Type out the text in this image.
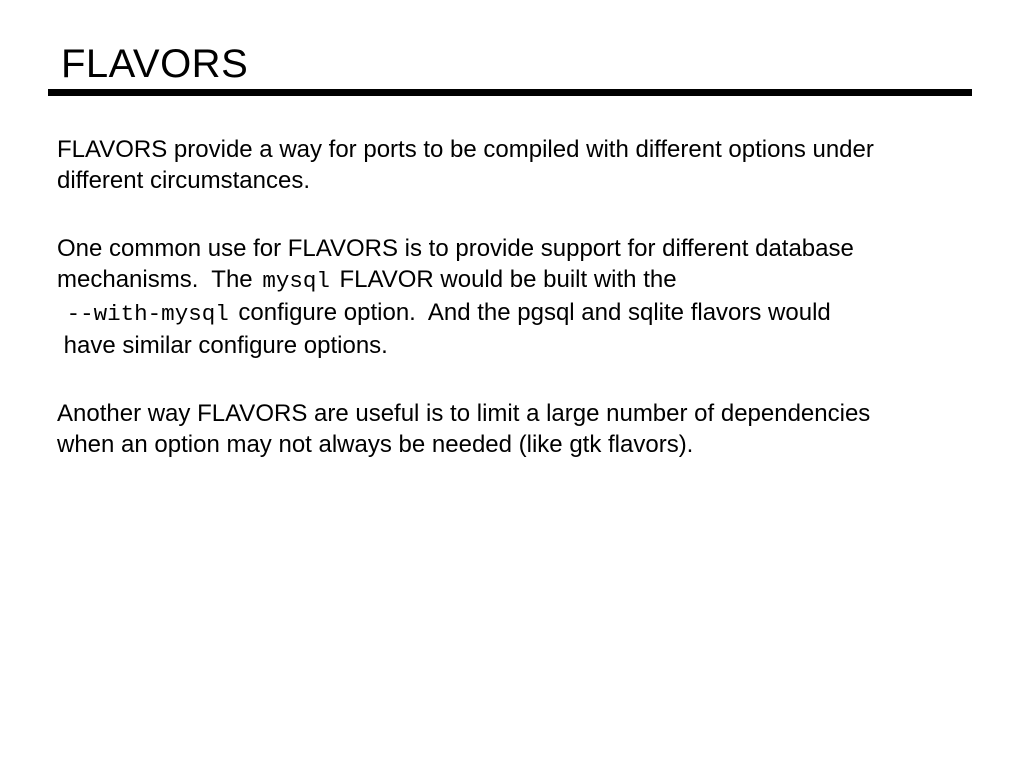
FLAVORS
FLAVORS provide a way for ports to be compiled with different options under
different circumstances.
One common use for FLAVORS is to provide support for different database
mechanisms.  The mysql FLAVOR would be built with the
--with-mysql configure option.  And the pgsql and sqlite flavors would
have similar configure options.
Another way FLAVORS are useful is to limit a large number of dependencies
when an option may not always be needed (like gtk flavors).
